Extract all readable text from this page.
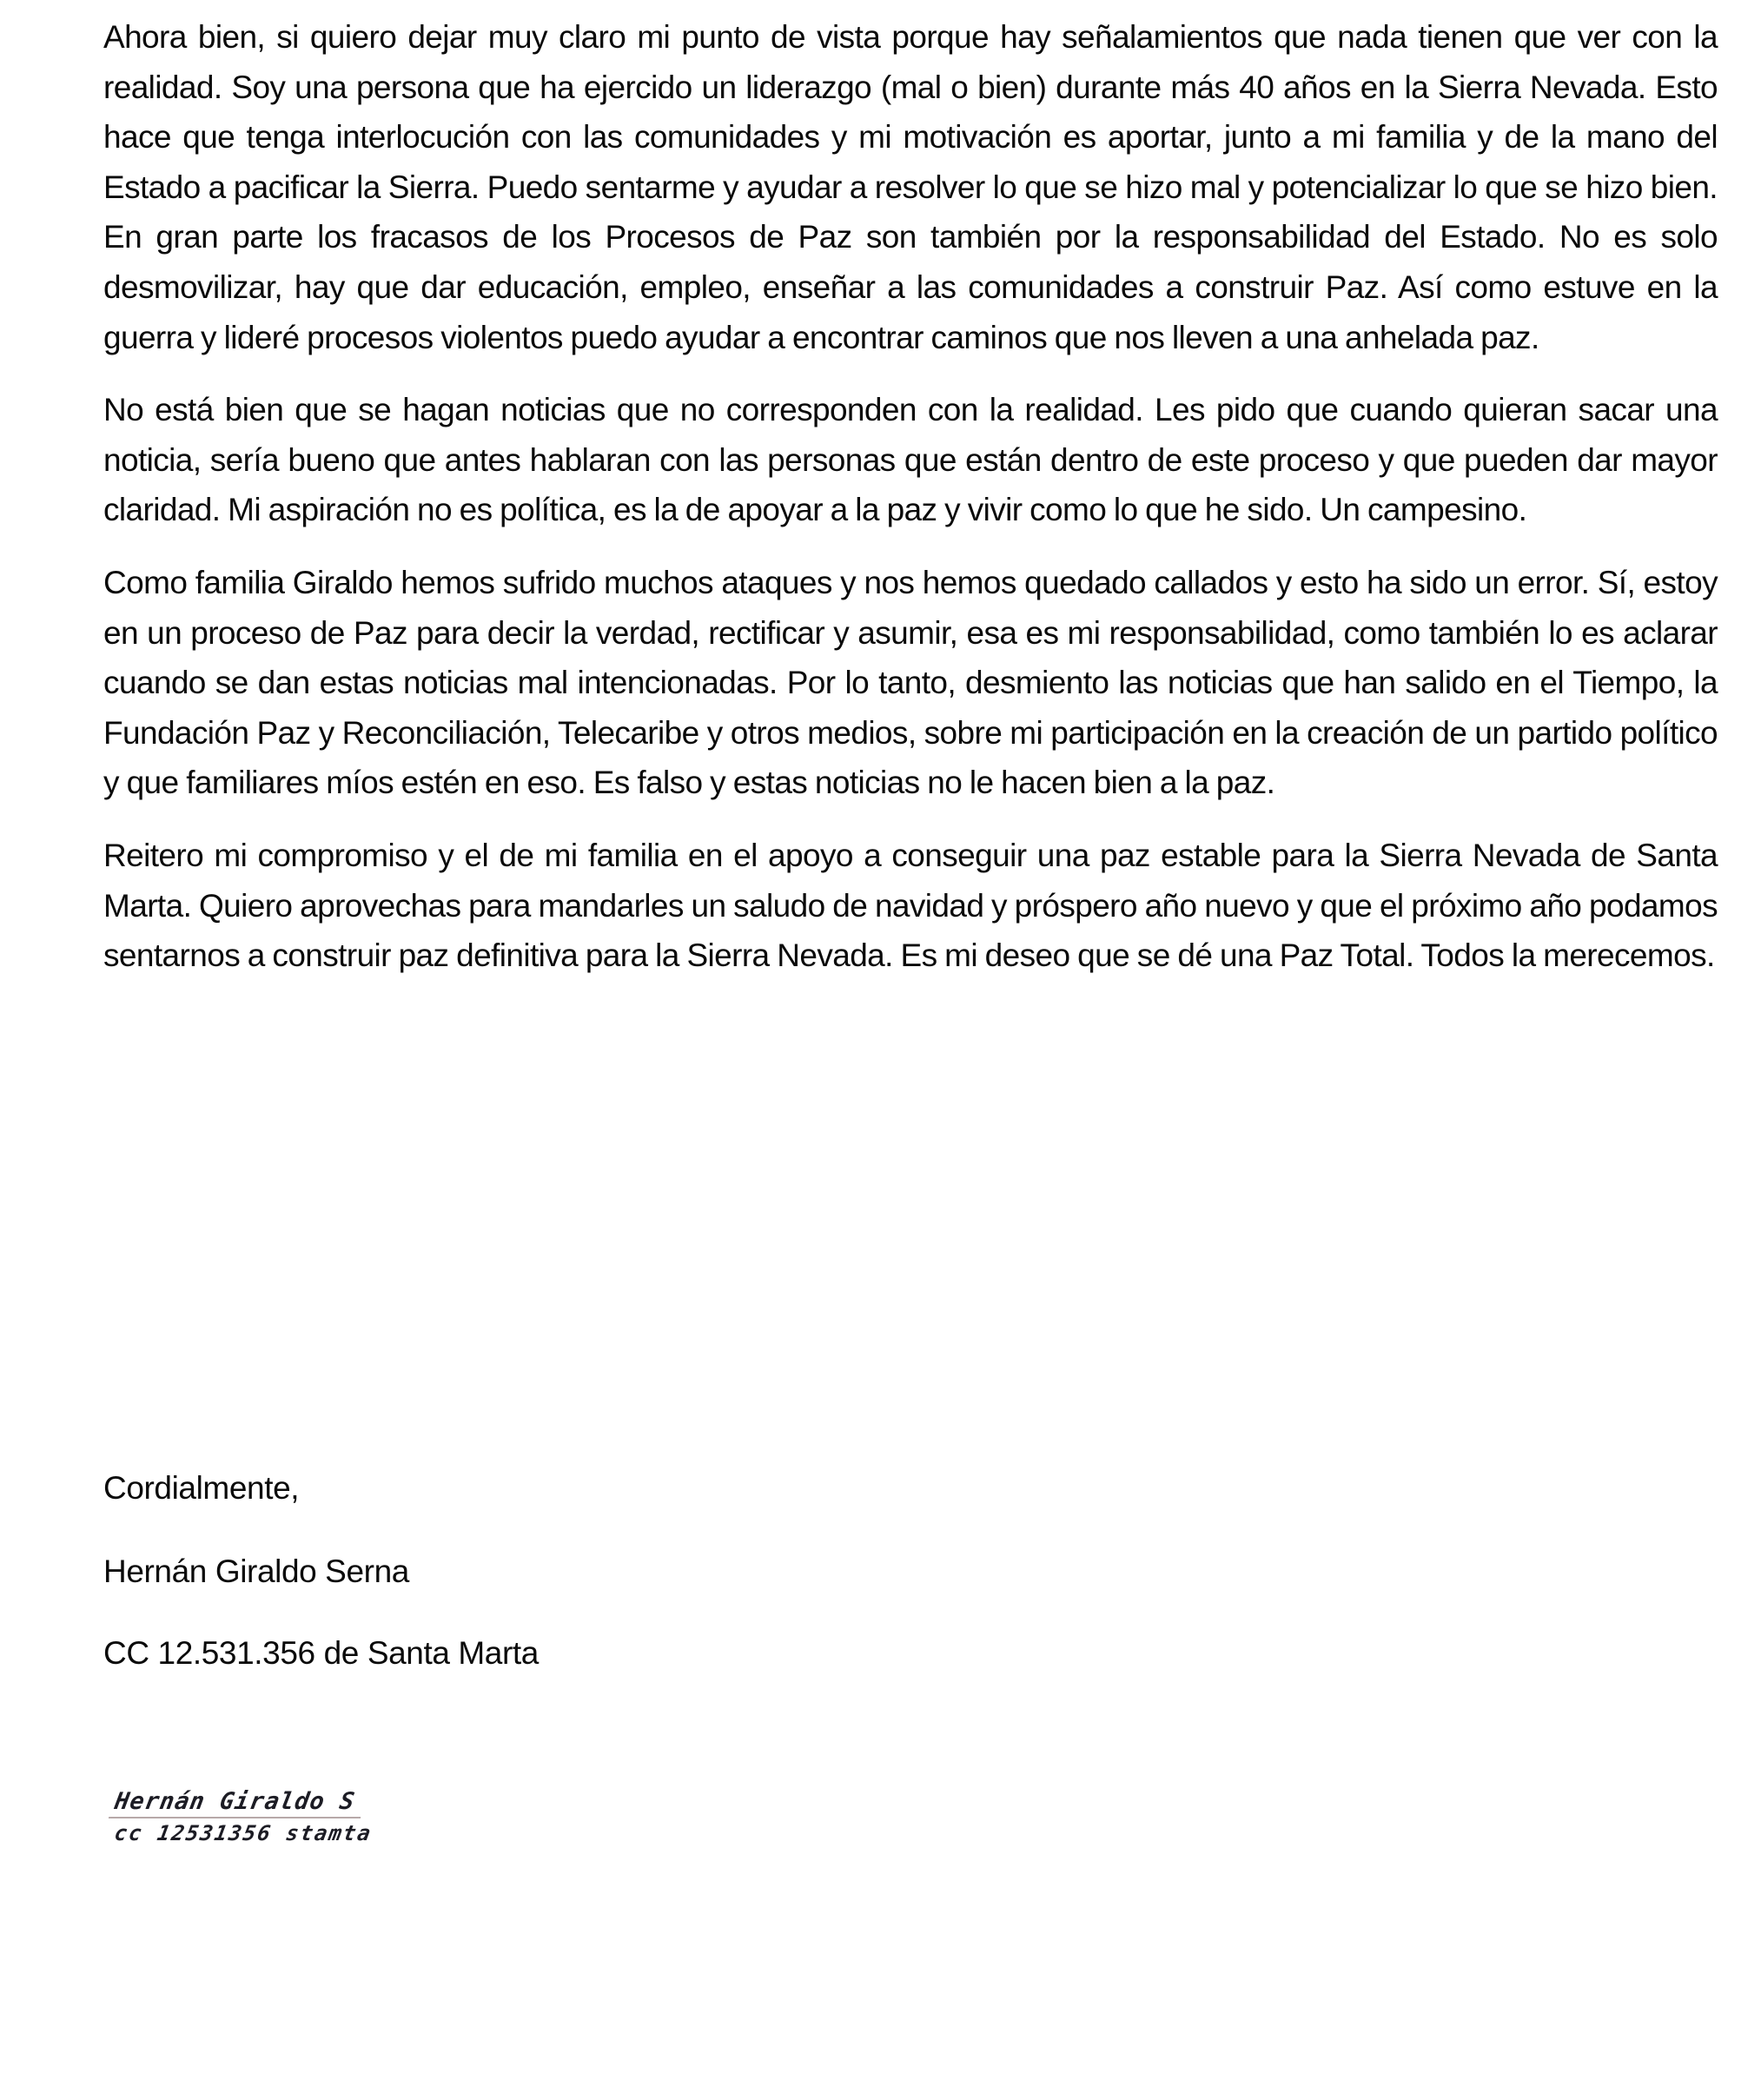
Ahora bien, si quiero dejar muy claro mi punto de vista porque hay señalamientos que nada tienen que ver con la realidad. Soy una persona que ha ejercido un liderazgo (mal o bien) durante más 40 años en la Sierra Nevada. Esto hace que tenga interlocución con las comunidades y mi motivación es aportar, junto a mi familia y de la mano del Estado a pacificar la Sierra. Puedo sentarme y ayudar a resolver lo que se hizo mal y potencializar lo que se hizo bien. En gran parte los fracasos de los Procesos de Paz son también por la responsabilidad del Estado. No es solo desmovilizar, hay que dar educación, empleo, enseñar a las comunidades a construir Paz. Así como estuve en la guerra y lideré procesos violentos puedo ayudar a encontrar caminos que nos lleven a una anhelada paz.

No está bien que se hagan noticias que no corresponden con la realidad. Les pido que cuando quieran sacar una noticia, sería bueno que antes hablaran con las personas que están dentro de este proceso y que pueden dar mayor claridad. Mi aspiración no es política, es la de apoyar a la paz y vivir como lo que he sido. Un campesino.

Como familia Giraldo hemos sufrido muchos ataques y nos hemos quedado callados y esto ha sido un error. Sí, estoy en un proceso de Paz para decir la verdad, rectificar y asumir, esa es mi responsabilidad, como también lo es aclarar cuando se dan estas noticias mal intencionadas. Por lo tanto, desmiento las noticias que han salido en el Tiempo, la Fundación Paz y Reconciliación, Telecaribe y otros medios, sobre mi participación en la creación de un partido político y que familiares míos estén en eso. Es falso y estas noticias no le hacen bien a la paz.

Reitero mi compromiso y el de mi familia en el apoyo a conseguir una paz estable para la Sierra Nevada de Santa Marta. Quiero aprovechas para mandarles un saludo de navidad y próspero año nuevo y que el próximo año podamos sentarnos a construir paz definitiva para la Sierra Nevada. Es mi deseo que se dé una Paz Total. Todos la merecemos.

Cordialmente,
Hernán Giraldo Serna
CC 12.531.356 de Santa Marta
Hernán Giraldo S
cc 12531356 stamta
